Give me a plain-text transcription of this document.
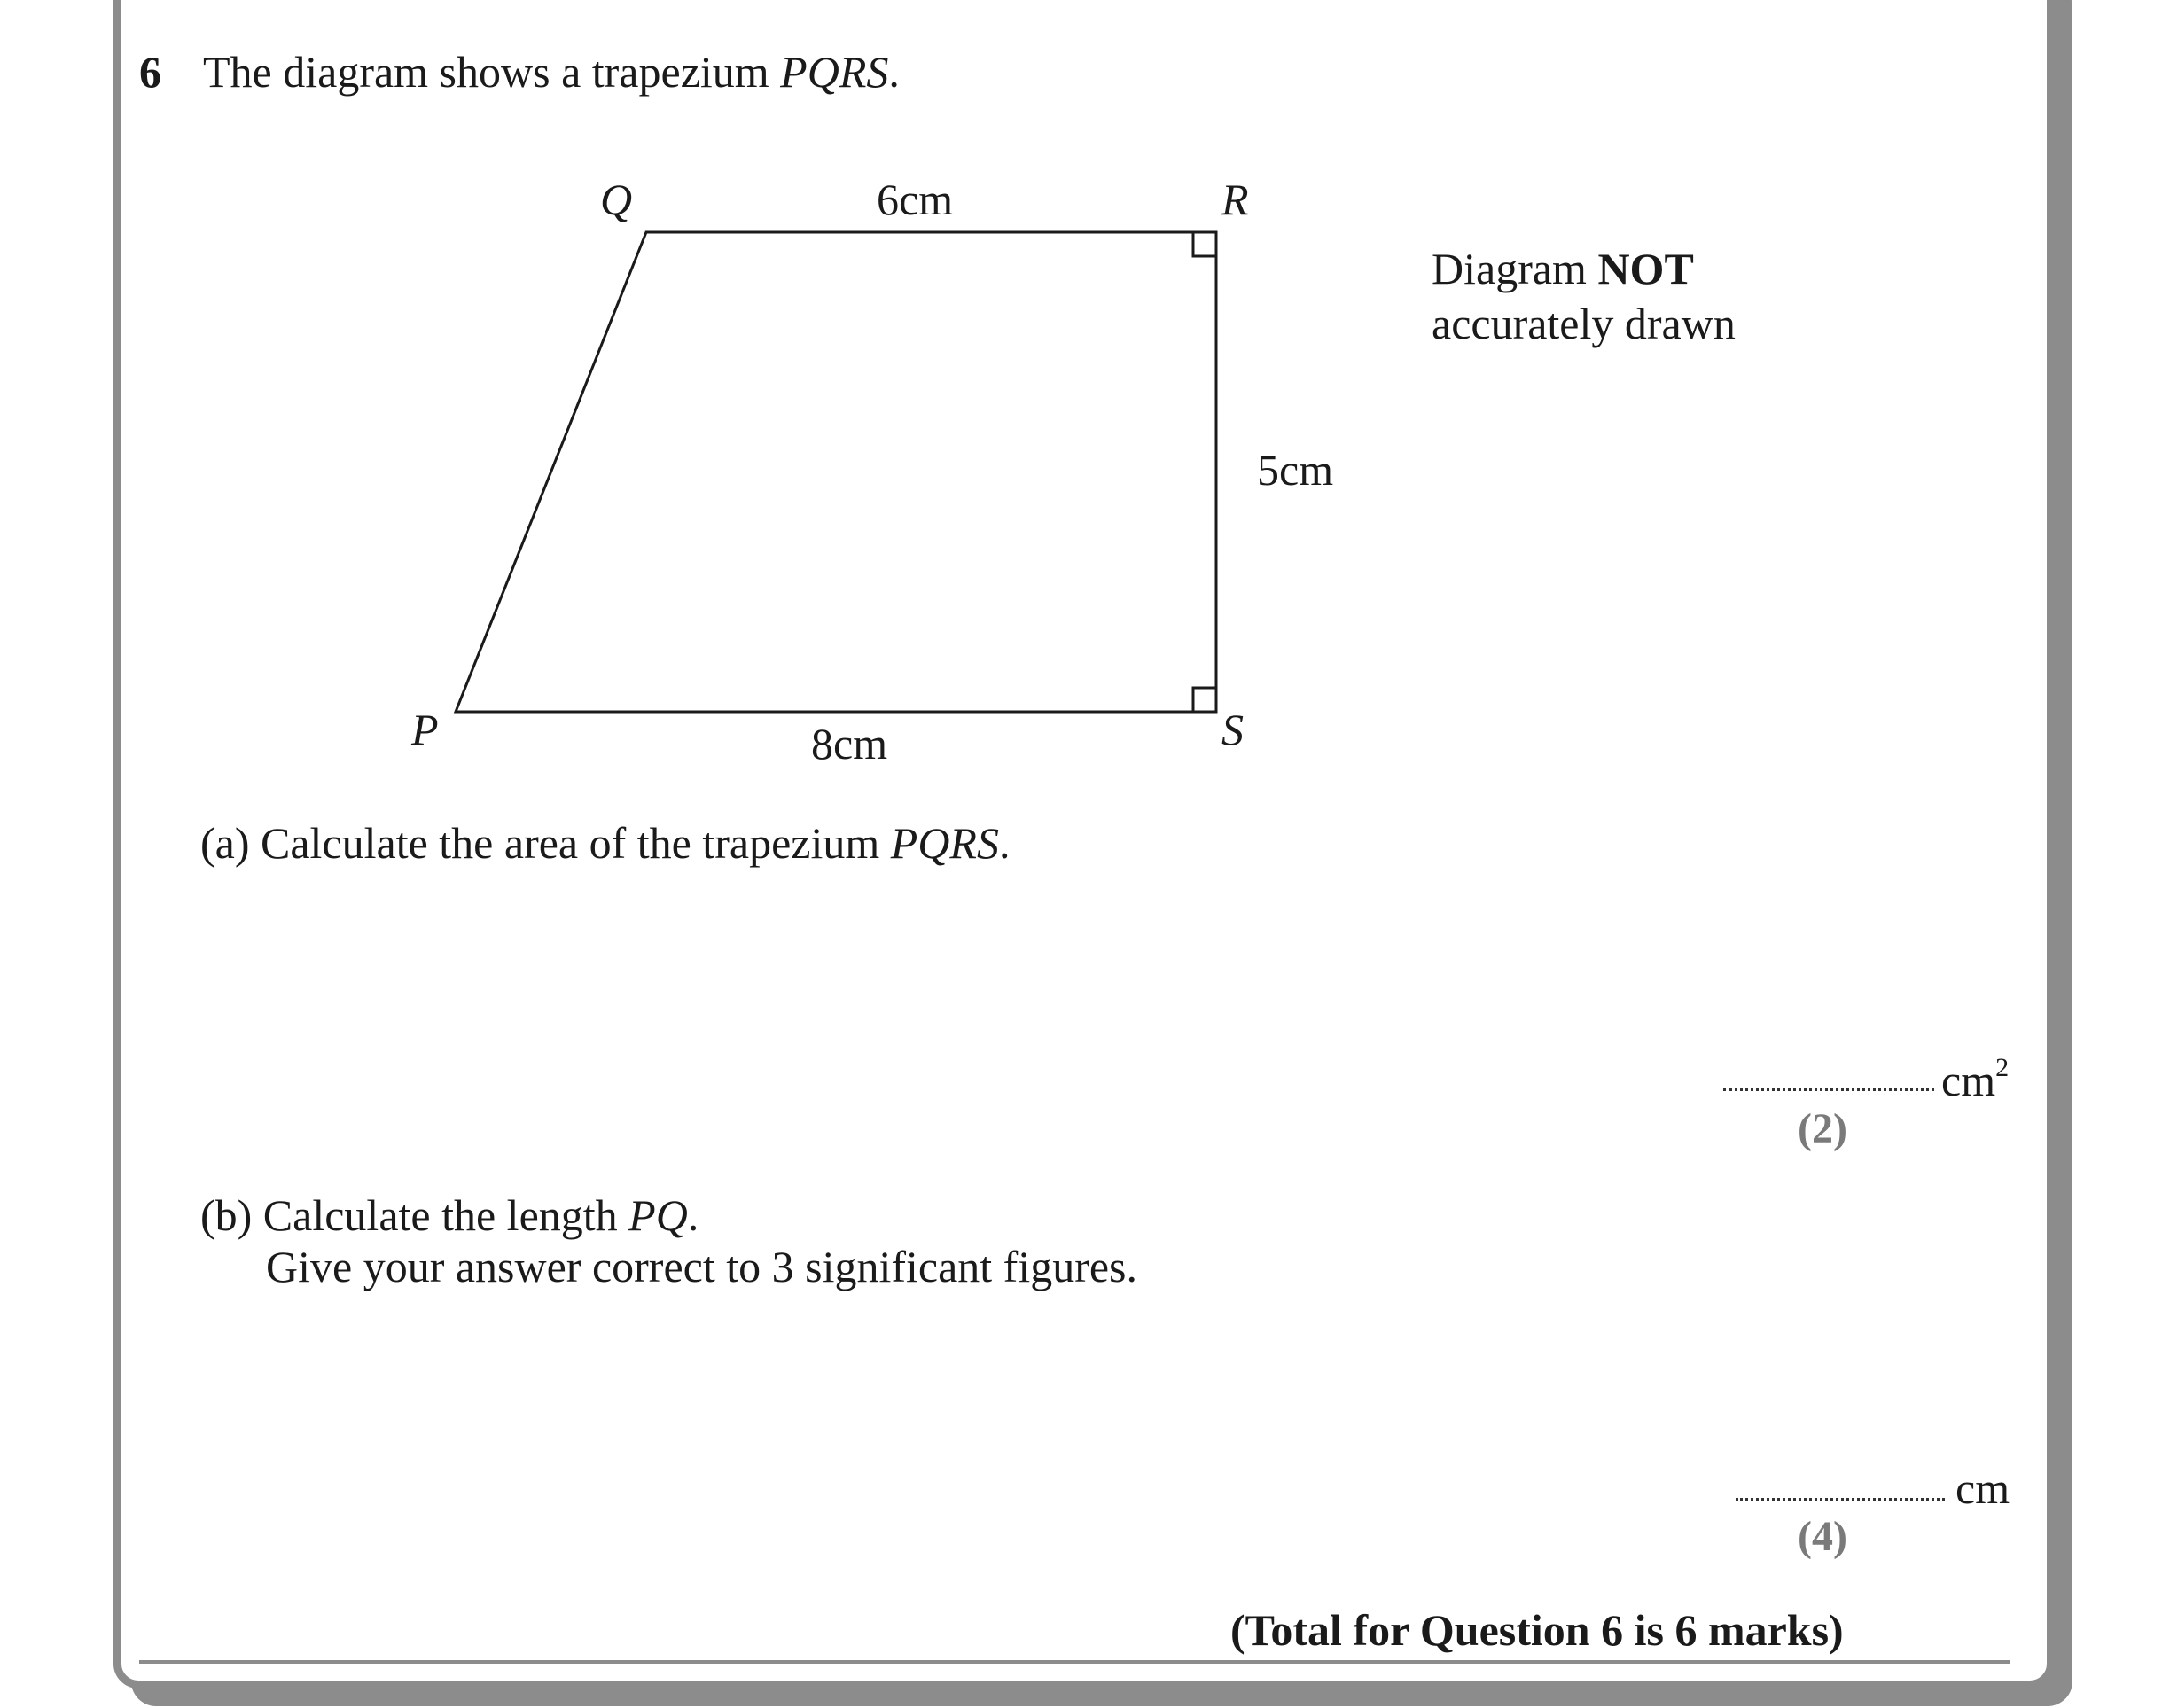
6 The diagram shows a trapezium PQRS.
Q	R
P	S
6cm
5cm
8cm
Diagram NOT
accurately drawn
(a) Calculate the area of the trapezium PQRS.
$cm^2$
(2)
(b) Calculate the length PQ.
Give your answer correct to 3 significant figures.
cm
(4)
(Total for Question 6 is 6 marks)
